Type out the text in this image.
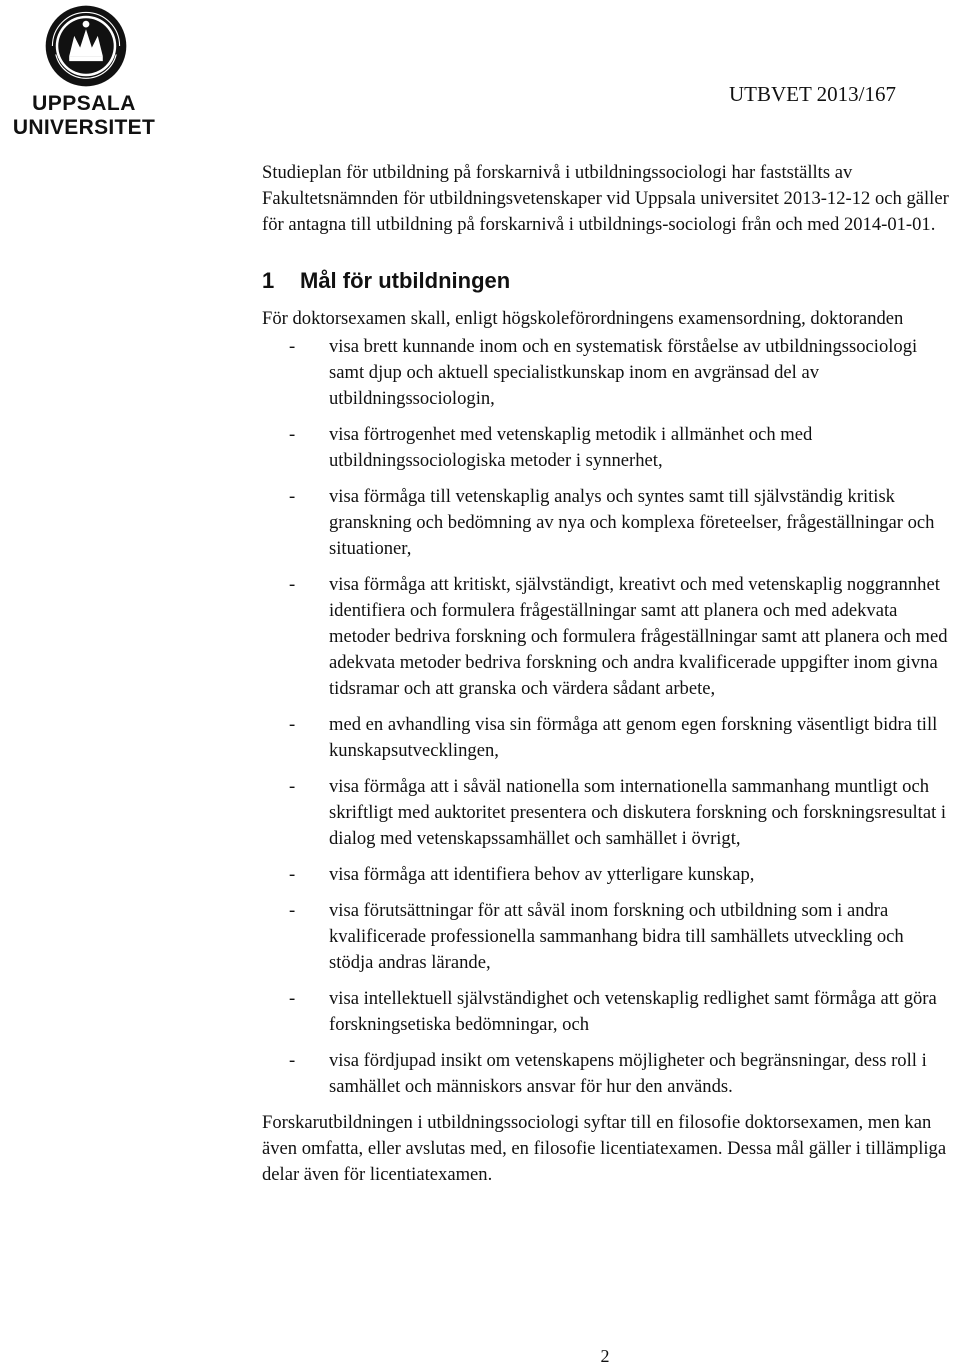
UPPSALA
UNIVERSITET
UTBVET 2013/167

Studieplan för utbildning på forskarnivå i utbildningssociologi har fastställts av Fakultetsnämnden för utbildningsvetenskaper vid Uppsala universitet 2013-12-12 och gäller för antagna till utbildning på forskarnivå i utbildnings-sociologi från och med 2014-01-01.

1 Mål för utbildningen

För doktorsexamen skall, enligt högskoleförordningens examensordning, doktoranden

- visa brett kunnande inom och en systematisk förståelse av utbildningssociologi samt djup och aktuell specialistkunskap inom en avgränsad del av utbildningssociologin,
- visa förtrogenhet med vetenskaplig metodik i allmänhet och med utbildningssociologiska metoder i synnerhet,
- visa förmåga till vetenskaplig analys och syntes samt till självständig kritisk granskning och bedömning av nya och komplexa företeelser, frågeställningar och situationer,
- visa förmåga att kritiskt, självständigt, kreativt och med vetenskaplig noggrannhet identifiera och formulera frågeställningar samt att planera och med adekvata metoder bedriva forskning och formulera frågeställningar samt att planera och med adekvata metoder bedriva forskning och andra kvalificerade uppgifter inom givna tidsramar och att granska och värdera sådant arbete,
- med en avhandling visa sin förmåga att genom egen forskning väsentligt bidra till kunskapsutvecklingen,
- visa förmåga att i såväl nationella som internationella sammanhang muntligt och skriftligt med auktoritet presentera och diskutera forskning och forskningsresultat i dialog med vetenskapssamhället och samhället i övrigt,
- visa förmåga att identifiera behov av ytterligare kunskap,
- visa förutsättningar för att såväl inom forskning och utbildning som i andra kvalificerade professionella sammanhang bidra till samhällets utveckling och stödja andras lärande,
- visa intellektuell självständighet och vetenskaplig redlighet samt förmåga att göra forskningsetiska bedömningar, och
- visa fördjupad insikt om vetenskapens möjligheter och begränsningar, dess roll i samhället och människors ansvar för hur den används.

Forskarutbildningen i utbildningssociologi syftar till en filosofie doktorsexamen, men kan även omfatta, eller avslutas med, en filosofie licentiatexamen. Dessa mål gäller i tillämpliga delar även för licentiatexamen.

2
